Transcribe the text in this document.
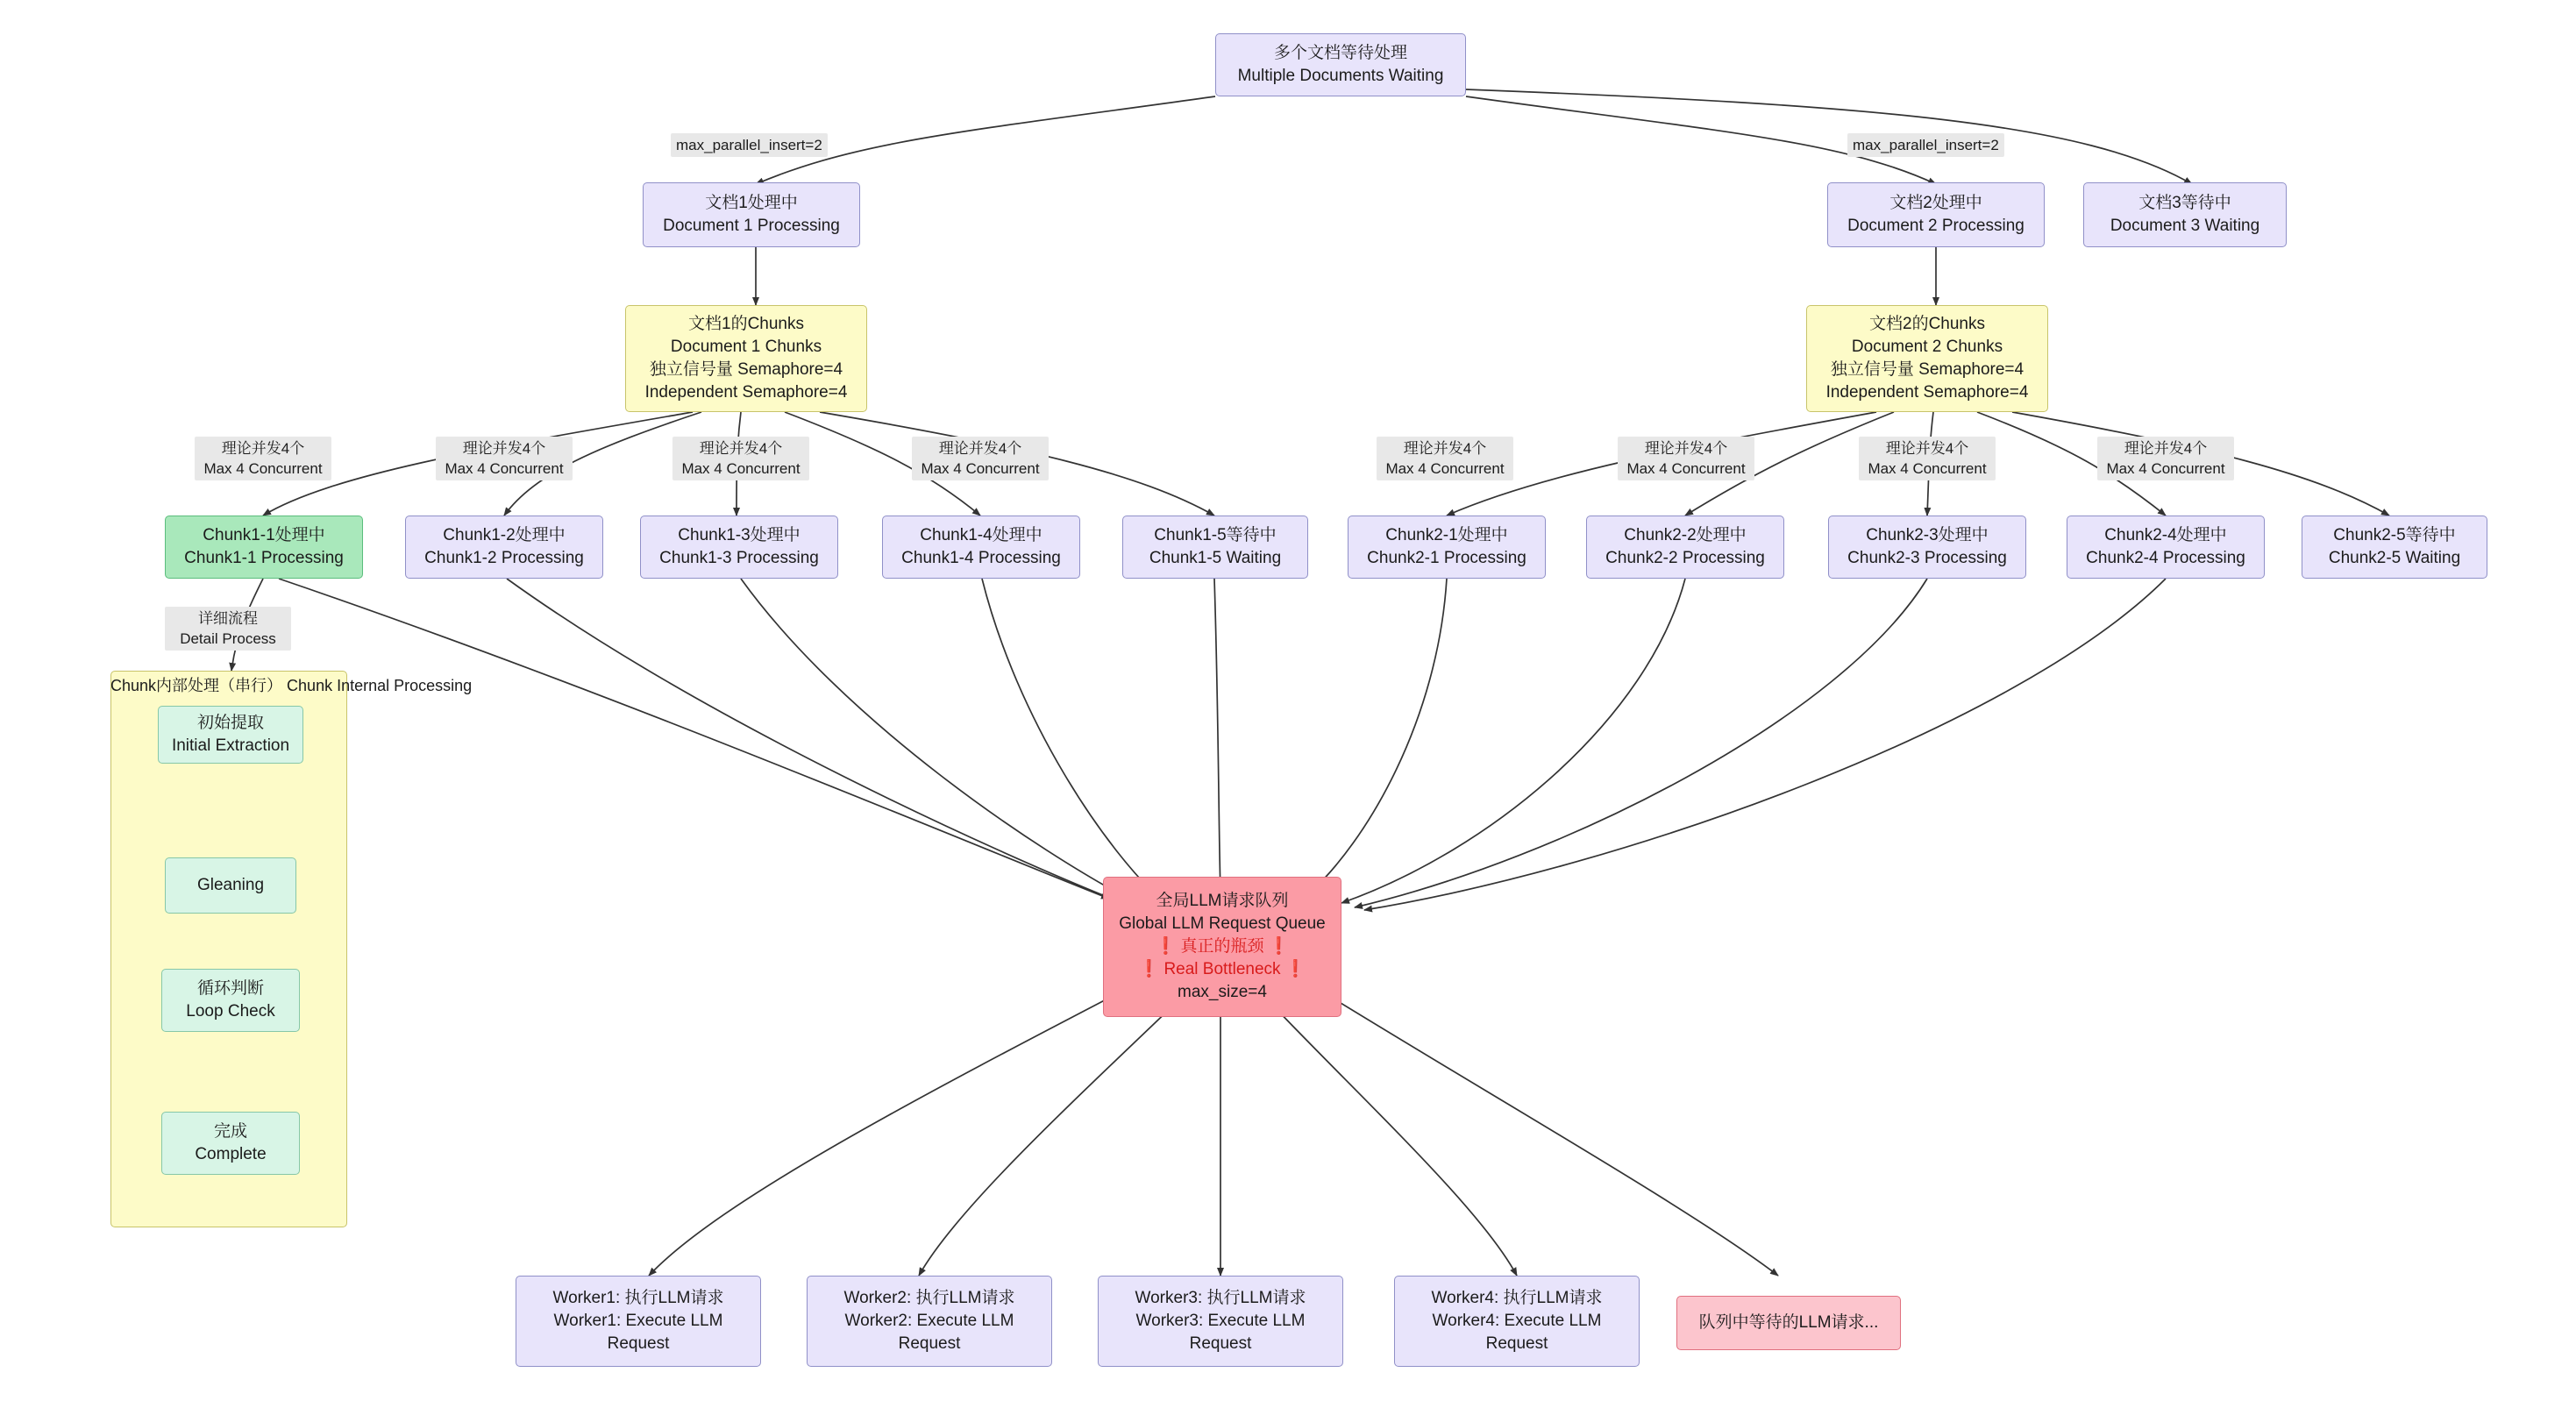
多个文档等待处理
Multiple Documents Waiting
max_parallel_insert=2	max_parallel_insert=2
文档1处理中
Document 1 Processing
文档2处理中
Document 2 Processing
文档3等待中
Document 3 Waiting
文档1的Chunks
Document 1 Chunks
独立信号量 Semaphore=4
Independent Semaphore=4
文档2的Chunks
Document 2 Chunks
独立信号量 Semaphore=4
Independent Semaphore=4
理论并发4个
Max 4 Concurrent
理论并发4个
Max 4 Concurrent
理论并发4个
Max 4 Concurrent
理论并发4个
Max 4 Concurrent
理论并发4个
Max 4 Concurrent
理论并发4个
Max 4 Concurrent
理论并发4个
Max 4 Concurrent
理论并发4个
Max 4 Concurrent
Chunk1-1处理中
Chunk1-1 Processing
Chunk1-2处理中
Chunk1-2 Processing
Chunk1-3处理中
Chunk1-3 Processing
Chunk1-4处理中
Chunk1-4 Processing
Chunk1-5等待中
Chunk1-5 Waiting
Chunk2-1处理中
Chunk2-1 Processing
Chunk2-2处理中
Chunk2-2 Processing
Chunk2-3处理中
Chunk2-3 Processing
Chunk2-4处理中
Chunk2-4 Processing
Chunk2-5等待中
Chunk2-5 Waiting
详细流程
Detail Process
Chunk内部处理（串行） Chunk Internal Processing
初始提取
Initial Extraction
Gleaning
循环判断
Loop Check
完成
Complete
全局LLM请求队列
Global LLM Request Queue
❗ 真正的瓶颈 ❗
❗ Real Bottleneck ❗
max_size=4
Worker1: 执行LLM请求
Worker1: Execute LLM
Request
Worker2: 执行LLM请求
Worker2: Execute LLM
Request
Worker3: 执行LLM请求
Worker3: Execute LLM
Request
Worker4: 执行LLM请求
Worker4: Execute LLM
Request
队列中等待的LLM请求...
